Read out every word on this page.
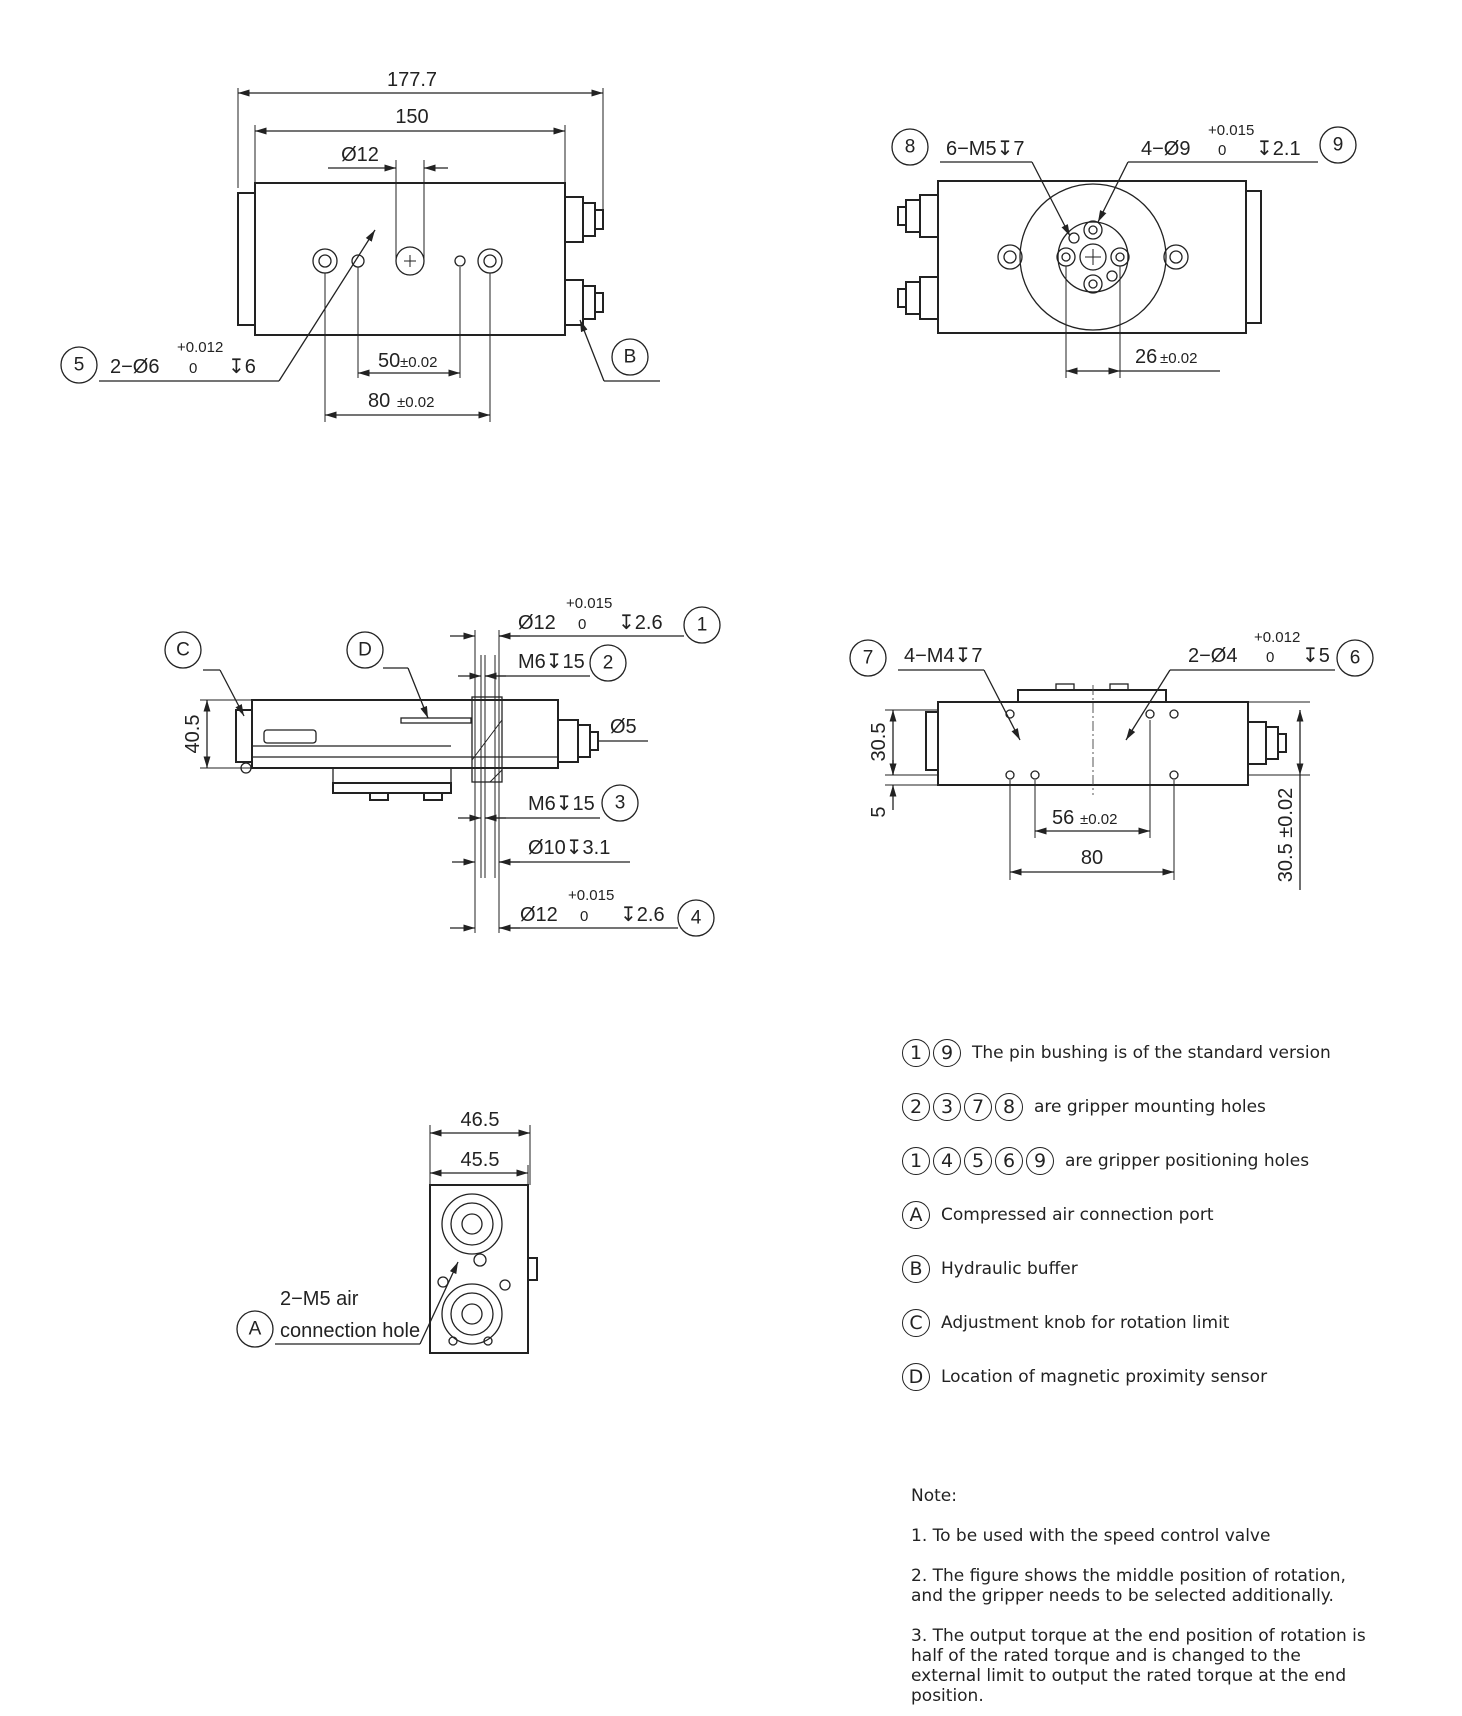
177.7
150
Ø12
50 ±0.02
80 ±0.02
5 2−Ø6
+0.012
0 ↧6	B	26 ±0.02
8 6−M5↧7	9
4−Ø9
+0.015
0 ↧2.1
40.5
C	D
Ø12
+0.015
0 ↧2.6 1
M6↧15 2
Ø5
M6↧15 3
Ø10↧3.1
Ø12
+0.015
0 ↧2.6 4
30.5
5	30.5 ±0.02
56 ±0.02
80
7 4−M4↧7	6
2−Ø4
+0.012
0 ↧5
46.5
45.5
A
2−M5 air
connection hole
1 9	The pin bushing is of the standard version
2 3 7 8	are gripper mounting holes
1 4 5 6 9	are gripper positioning holes
A	Compressed air connection port
B	Hydraulic buffer
C	Adjustment knob for rotation limit
D	Location of magnetic proximity sensor
Note:
1. To be used with the speed control valve
2. The figure shows the middle position of rotation, and the gripper needs to be selected additionally.
3. The output torque at the end position of rotation is half of the rated torque and is changed to the external limit to output the rated torque at the end position.
